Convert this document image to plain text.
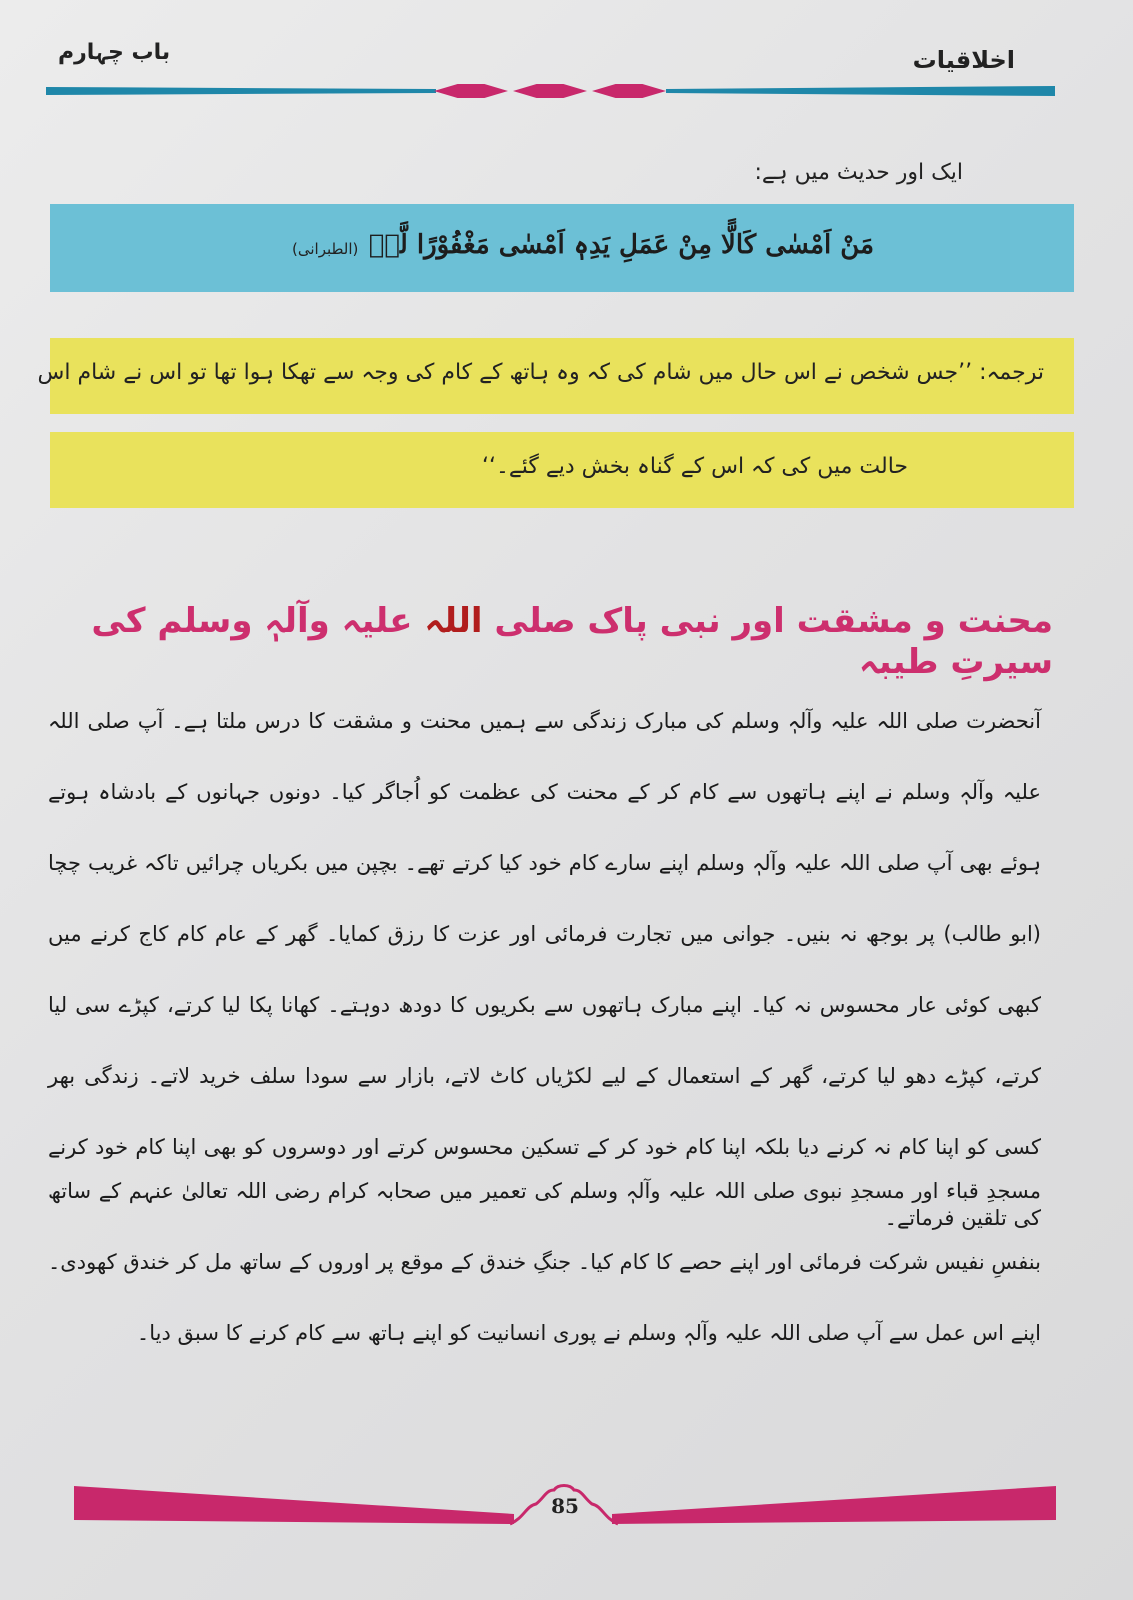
باب چہارم	اخلاقیات
ایک اور حدیث میں ہے:
مَنْ اَمْسٰی کَالًّا مِنْ عَمَلِ یَدِہٖ اَمْسٰی مَغْفُوْرًا لَّہٗ
(الطبرانی)
ترجمہ: ’’جس شخص نے اس حال میں شام کی کہ وہ ہاتھ کے کام کی وجہ سے تھکا ہوا تھا تو اس نے شام اس
حالت میں کی کہ اس کے گناہ بخش دیے گئے۔‘‘
محنت و مشقت اور نبی پاک صلی اللہ علیہ وآلہٖ وسلم کی سیرتِ طیبہ
آنحضرت صلی اللہ علیہ وآلہٖ وسلم کی مبارک زندگی سے ہمیں محنت و مشقت کا درس ملتا ہے۔ آپ صلی اللہ علیہ وآلہٖ وسلم نے اپنے ہاتھوں سے کام کر کے محنت کی عظمت کو اُجاگر کیا۔ دونوں جہانوں کے بادشاہ ہوتے ہوئے بھی آپ صلی اللہ علیہ وآلہٖ وسلم اپنے سارے کام خود کیا کرتے تھے۔ بچپن میں بکریاں چرائیں تاکہ غریب چچا (ابو طالب) پر بوجھ نہ بنیں۔ جوانی میں تجارت فرمائی اور عزت کا رزق کمایا۔ گھر کے عام کام کاج کرنے میں کبھی کوئی عار محسوس نہ کیا۔ اپنے مبارک ہاتھوں سے بکریوں کا دودھ دوہتے۔ کھانا پکا لیا کرتے، کپڑے سی لیا کرتے، کپڑے دھو لیا کرتے، گھر کے استعمال کے لیے لکڑیاں کاٹ لاتے، بازار سے سودا سلف خرید لاتے۔ زندگی بھر کسی کو اپنا کام نہ کرنے دیا بلکہ اپنا کام خود کر کے تسکین محسوس کرتے اور دوسروں کو بھی اپنا کام خود کرنے کی تلقین فرماتے۔
مسجدِ قباء اور مسجدِ نبوی صلی اللہ علیہ وآلہٖ وسلم کی تعمیر میں صحابہ کرام رضی اللہ تعالیٰ عنہم کے ساتھ بنفسِ نفیس شرکت فرمائی اور اپنے حصے کا کام کیا۔ جنگِ خندق کے موقع پر اوروں کے ساتھ مل کر خندق کھودی۔ اپنے اس عمل سے آپ صلی اللہ علیہ وآلہٖ وسلم نے پوری انسانیت کو اپنے ہاتھ سے کام کرنے کا سبق دیا۔
85
